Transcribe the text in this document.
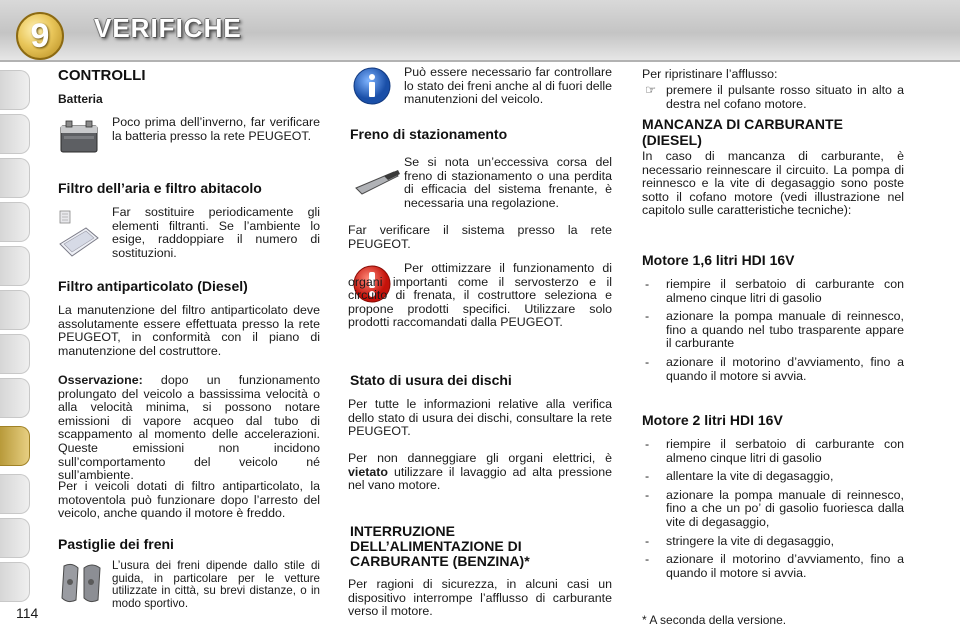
9	VERIFICHE
114
CONTROLLI
Batteria

Poco prima dell’inverno, far verificare la batteria presso la rete PEUGEOT.

Filtro dell’aria e filtro abitacolo

Far sostituire periodicamente gli elementi filtranti. Se l’ambiente lo esige, raddoppiare il numero di sostituzioni.

Filtro antiparticolato (Diesel)

La manutenzione del filtro antiparticolato deve assolutamente essere effettuata presso la rete PEUGEOT, in conformità con il piano di manutenzione del costruttore.

Osservazione: dopo un funzionamento prolungato del veicolo a bassissima velocità o alla velocità minima, si possono notare emissioni di vapore acqueo dal tubo di scappamento al momento delle accelerazioni. Queste emissioni non incidono sull’comportamento del veicolo né sull’ambiente.

Per i veicoli dotati di filtro antiparticolato, la motoventola può funzionare dopo l’arresto del veicolo, anche quando il motore è freddo.

Pastiglie dei freni

L’usura dei freni dipende dallo stile di guida, in particolare per le vetture utilizzate in città, su brevi distanze, o in modo sportivo.

Può essere necessario far controllare lo stato dei freni anche al di fuori delle manutenzioni del veicolo.

Freno di stazionamento

Se si nota un’eccessiva corsa del freno di stazionamento o una perdita di efficacia del sistema frenante, è necessaria una regolazione.

Far verificare il sistema presso la rete PEUGEOT.

Per ottimizzare il funzionamento di organi importanti come il servosterzo e il circuito di frenata, il costruttore seleziona e propone prodotti specifici. Utilizzare solo prodotti raccomandati dalla PEUGEOT.

Stato di usura dei dischi

Per tutte le informazioni relative alla verifica dello stato di usura dei dischi, consultare la rete PEUGEOT.

Per non danneggiare gli organi elettrici, è vietato utilizzare il lavaggio ad alta pressione nel vano motore.

INTERRUZIONE
DELL’ALIMENTAZIONE DI
CARBURANTE (BENZINA)*

Per ragioni di sicurezza, in alcuni casi un dispositivo interrompe l’afflusso di carburante verso il motore.

Per ripristinare l’afflusso:

☞ premere il pulsante rosso situato in alto a destra nel cofano motore.
MANCANZA DI CARBURANTE
(DIESEL)

In caso di mancanza di carburante, è necessario reinnescare il circuito. La pompa di reinnesco e la vite di degasaggio sono poste sotto il cofano motore (vedi illustrazione nel capitolo sulle caratteristiche tecniche):

Motore 1,6 litri HDI 16V
- riempire il serbatoio di carburante con almeno cinque litri di gasolio
- azionare la pompa manuale di reinnesco, fino a quando nel tubo trasparente appare il carburante
- azionare il motorino d’avviamento, fino a quando il motore si avvia.
Motore 2 litri HDI 16V
- riempire il serbatoio di carburante con almeno cinque litri di gasolio
- allentare la vite di degasaggio,
- azionare la pompa manuale di reinnesco, fino a che un po’ di gasolio fuoriesca dalla vite di degasaggio,
- stringere la vite di degasaggio,
- azionare il motorino d’avviamento, fino a quando il motore si avvia.

* A seconda della versione.
